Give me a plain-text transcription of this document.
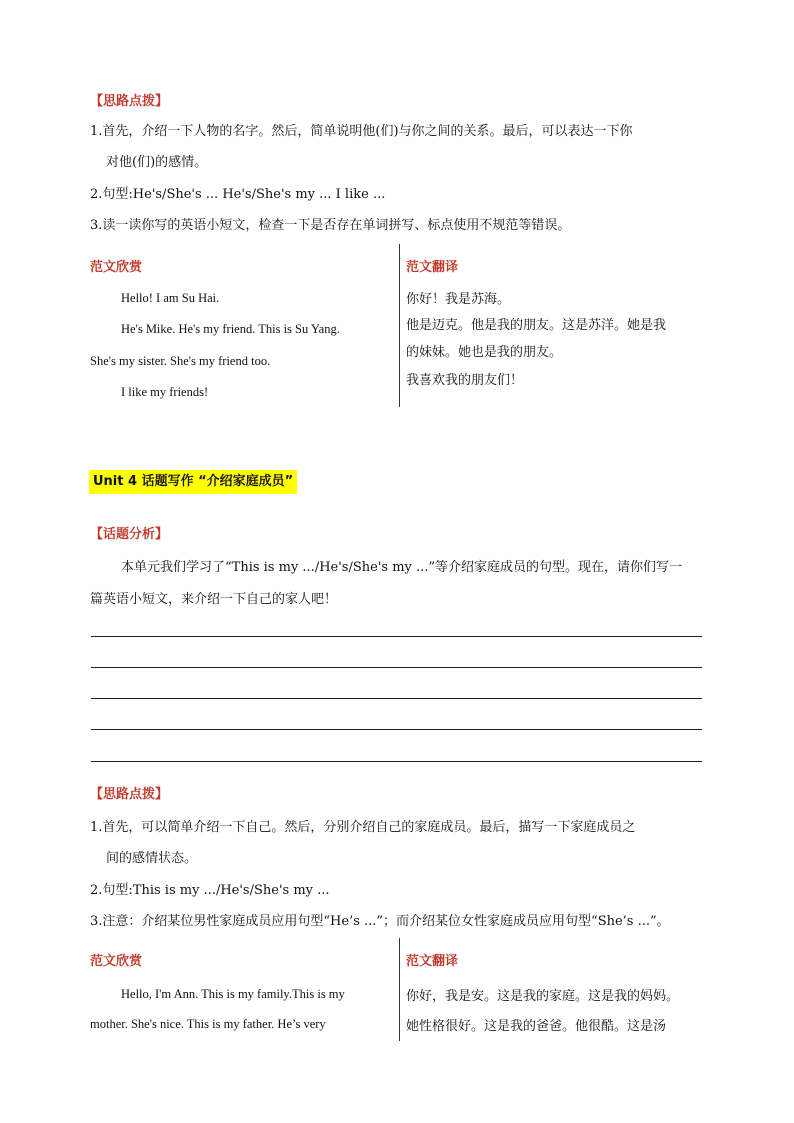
【思路点拨】
1.首先，介绍一下人物的名字。然后，简单说明他(们)与你之间的关系。最后，可以表达一下你
对他(们)的感情。
2.句型:He's/She's ... He's/She's my ... I like ...
3.读一读你写的英语小短文，检查一下是否存在单词拼写、标点使用不规范等错误。
范文欣赏	范文翻译
Hello! I am Su Hai.
He's Mike. He's my friend. This is Su Yang.
She's my sister. She's my friend too.
I like my friends!
你好！我是苏海。
他是迈克。他是我的朋友。这是苏洋。她是我
的妹妹。她也是我的朋友。
我喜欢我的朋友们！
Unit 4 话题写作 “介绍家庭成员”
【话题分析】
本单元我们学习了“This is my .../He's/She's my ...”等介绍家庭成员的句型。现在，请你们写一
篇英语小短文，来介绍一下自己的家人吧！
【思路点拨】
1.首先，可以简单介绍一下自己。然后，分别介绍自己的家庭成员。最后，描写一下家庭成员之
间的感情状态。
2.句型:This is my .../He's/She's my ...
3.注意：介绍某位男性家庭成员应用句型“He’s ...”；而介绍某位女性家庭成员应用句型“She’s ...”。
范文欣赏	范文翻译
Hello, I'm Ann. This is my family.This is my
mother. She's nice. This is my father. He’s very
你好，我是安。这是我的家庭。这是我的妈妈。
她性格很好。这是我的爸爸。他很酷。这是汤
